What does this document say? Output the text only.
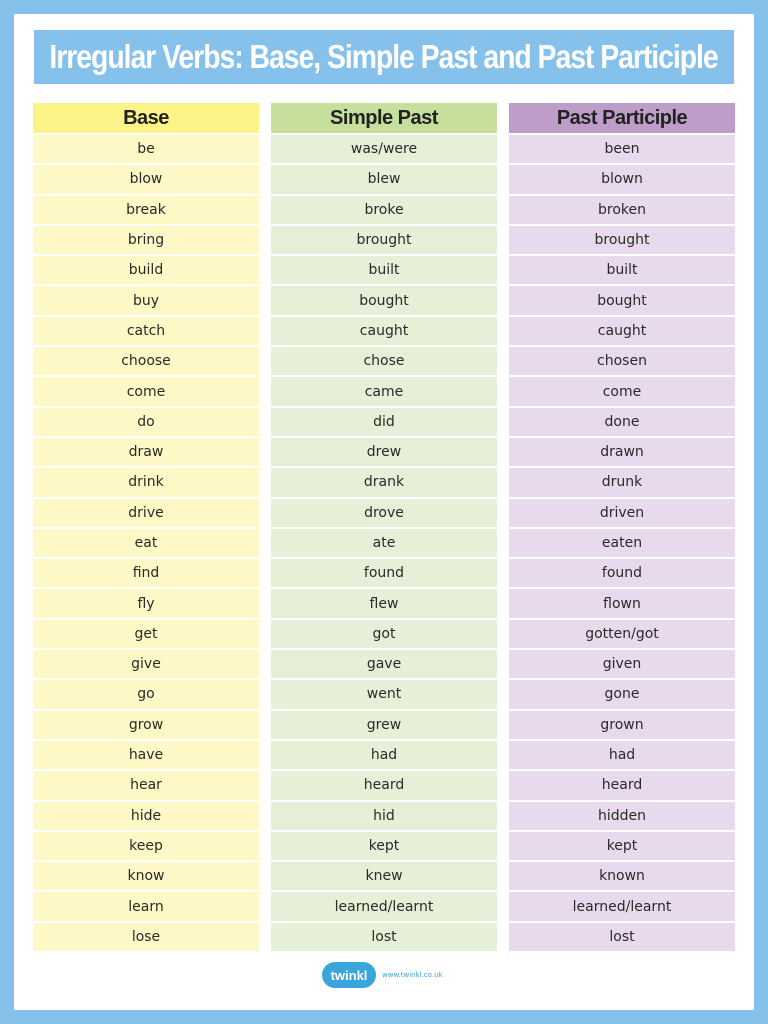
Irregular Verbs: Base, Simple Past and Past Participle
Base
be
blow
break
bring
build
buy
catch
choose
come
do
draw
drink
drive
eat
find
fly
get
give
go
grow
have
hear
hide
keep
know
learn
lose
Simple Past
was/were
blew
broke
brought
built
bought
caught
chose
came
did
drew
drank
drove
ate
found
flew
got
gave
went
grew
had
heard
hid
kept
knew
learned/learnt
lost
Past Participle
been
blown
broken
brought
built
bought
caught
chosen
come
done
drawn
drunk
driven
eaten
found
flown
gotten/got
given
gone
grown
had
heard
hidden
kept
known
learned/learnt
lost
twinkl	www.twinkl.co.uk
